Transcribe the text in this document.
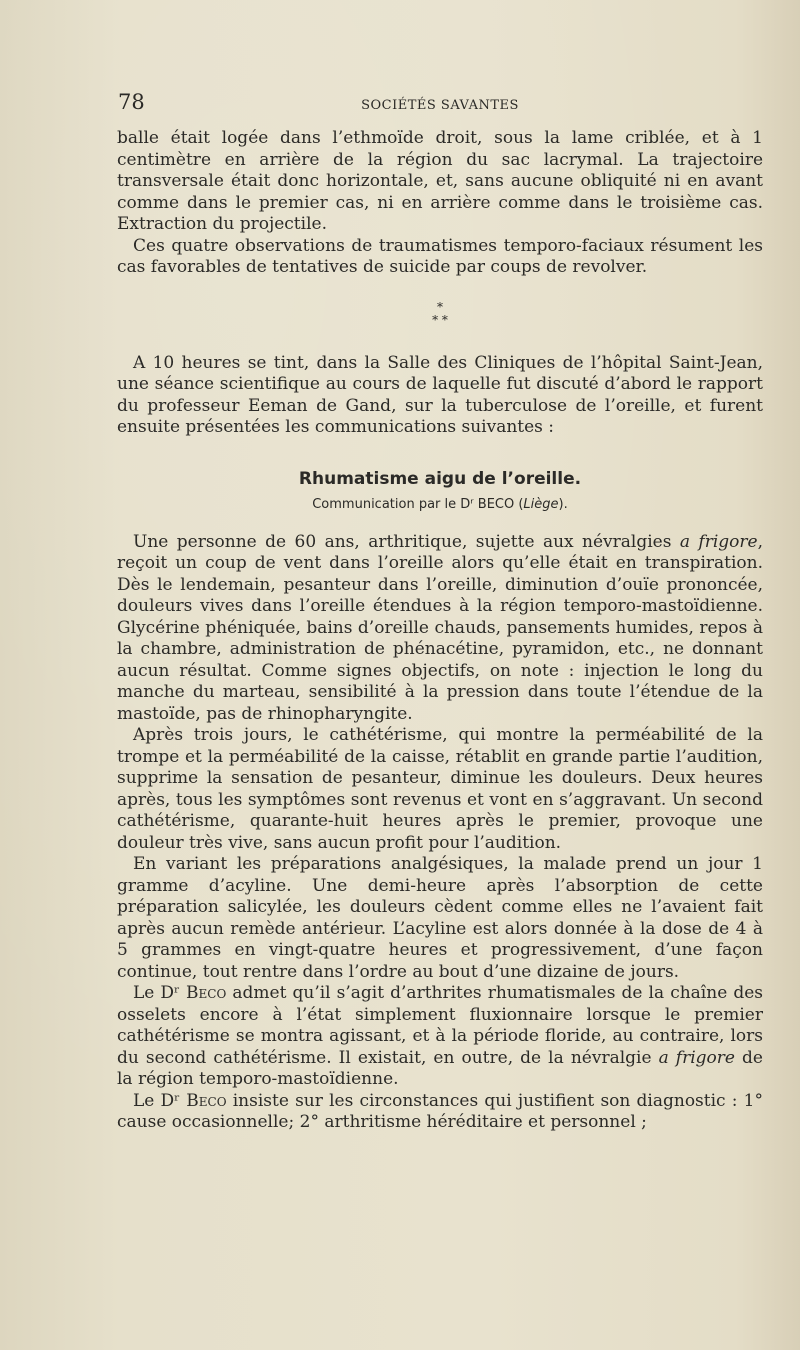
78	SOCIÉTÉS SAVANTES

balle était logée dans l’ethmoïde droit, sous la lame criblée, et à 1 centimètre en arrière de la région du sac lacrymal. La trajectoire transversale était donc horizontale, et, sans aucune obliquité ni en avant comme dans le premier cas, ni en arrière comme dans le troisième cas. Extraction du projectile.

Ces quatre observations de traumatismes temporo-faciaux résument les cas favorables de tentatives de suicide par coups de revolver.

*
* *

A 10 heures se tint, dans la Salle des Cliniques de l’hôpital Saint-Jean, une séance scientifique au cours de laquelle fut discuté d’abord le rapport du professeur Eeman de Gand, sur la tuberculose de l’oreille, et furent ensuite présentées les communications suivantes :

Rhumatisme aigu de l’oreille.
Communication par le Dʳ BECO (Liège).

Une personne de 60 ans, arthritique, sujette aux névralgies a frigore, reçoit un coup de vent dans l’oreille alors qu’elle était en transpiration. Dès le lendemain, pesanteur dans l’oreille, diminution d’ouïe prononcée, douleurs vives dans l’oreille étendues à la région temporo-mastoïdienne. Glycérine phéniquée, bains d’oreille chauds, pansements humides, repos à la chambre, administration de phénacétine, pyramidon, etc., ne donnant aucun résultat. Comme signes objectifs, on note : injection le long du manche du marteau, sensibilité à la pression dans toute l’étendue de la mastoïde, pas de rhinopharyngite.

Après trois jours, le cathétérisme, qui montre la perméabilité de la trompe et la perméabilité de la caisse, rétablit en grande partie l’audition, supprime la sensation de pesanteur, diminue les douleurs. Deux heures après, tous les symptômes sont revenus et vont en s’aggravant. Un second cathétérisme, quarante-huit heures après le premier, provoque une douleur très vive, sans aucun profit pour l’audition.

En variant les préparations analgésiques, la malade prend un jour 1 gramme d’acyline. Une demi-heure après l’absorption de cette préparation salicylée, les douleurs cèdent comme elles ne l’avaient fait après aucun remède antérieur. L’acyline est alors donnée à la dose de 4 à 5 grammes en vingt-quatre heures et progressivement, d’une façon continue, tout rentre dans l’ordre au bout d’une dizaine de jours.

Le Dʳ Beco admet qu’il s’agit d’arthrites rhumatismales de la chaîne des osselets encore à l’état simplement fluxionnaire lorsque le premier cathétérisme se montra agissant, et à la période floride, au contraire, lors du second cathétérisme. Il existait, en outre, de la névralgie a frigore de la région temporo-mastoïdienne.

Le Dʳ Beco insiste sur les circonstances qui justifient son diagnostic : 1° cause occasionnelle; 2° arthritisme héréditaire et personnel ;
